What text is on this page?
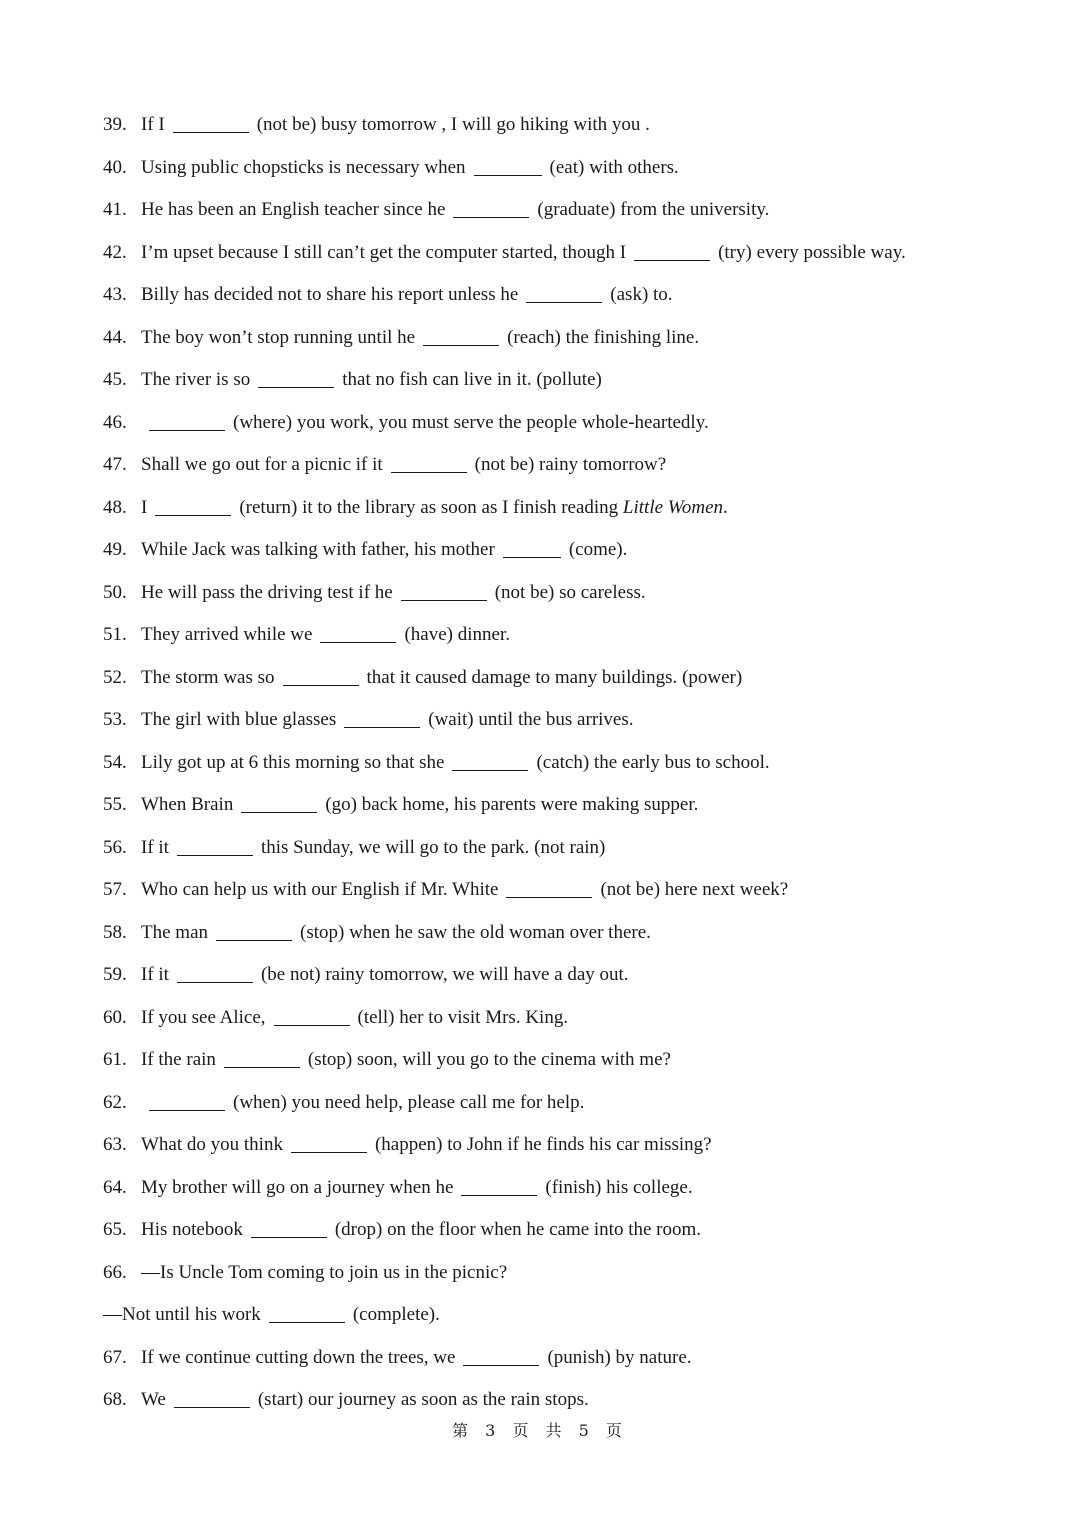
39. If I	(not be) busy tomorrow , I will go hiking with you .
40. Using public chopsticks is necessary when	(eat) with others.
41. He has been an English teacher since he	(graduate) from the university.
42. I’m upset because I still can’t get the computer started, though I	(try) every possible way.
43. Billy has decided not to share his report unless he	(ask) to.
44. The boy won’t stop running until he	(reach) the finishing line.
45. The river is so	that no fish can live in it. (pollute)
46.	(where) you work, you must serve the people whole-heartedly.
47. Shall we go out for a picnic if it	(not be) rainy tomorrow?
48. I	(return) it to the library as soon as I finish reading Little Women.
49. While Jack was talking with father, his mother	(come).
50. He will pass the driving test if he	(not be) so careless.
51. They arrived while we	(have) dinner.
52. The storm was so	that it caused damage to many buildings. (power)
53. The girl with blue glasses	(wait) until the bus arrives.
54. Lily got up at 6 this morning so that she	(catch) the early bus to school.
55. When Brain	(go) back home, his parents were making supper.
56. If it	this Sunday, we will go to the park. (not rain)
57. Who can help us with our English if Mr. White	(not be) here next week?
58. The man	(stop) when he saw the old woman over there.
59. If it	(be not) rainy tomorrow, we will have a day out.
60. If you see Alice,	(tell) her to visit Mrs. King.
61. If the rain	(stop) soon, will you go to the cinema with me?
62.	(when) you need help, please call me for help.
63. What do you think	(happen) to John if he finds his car missing?
64. My brother will go on a journey when he	(finish) his college.
65. His notebook	(drop) on the floor when he came into the room.
66. —Is Uncle Tom coming to join us in the picnic?
—Not until his work	(complete).
67. If we continue cutting down the trees, we	(punish) by nature.
68. We	(start) our journey as soon as the rain stops.
第 3 页 共 5 页
